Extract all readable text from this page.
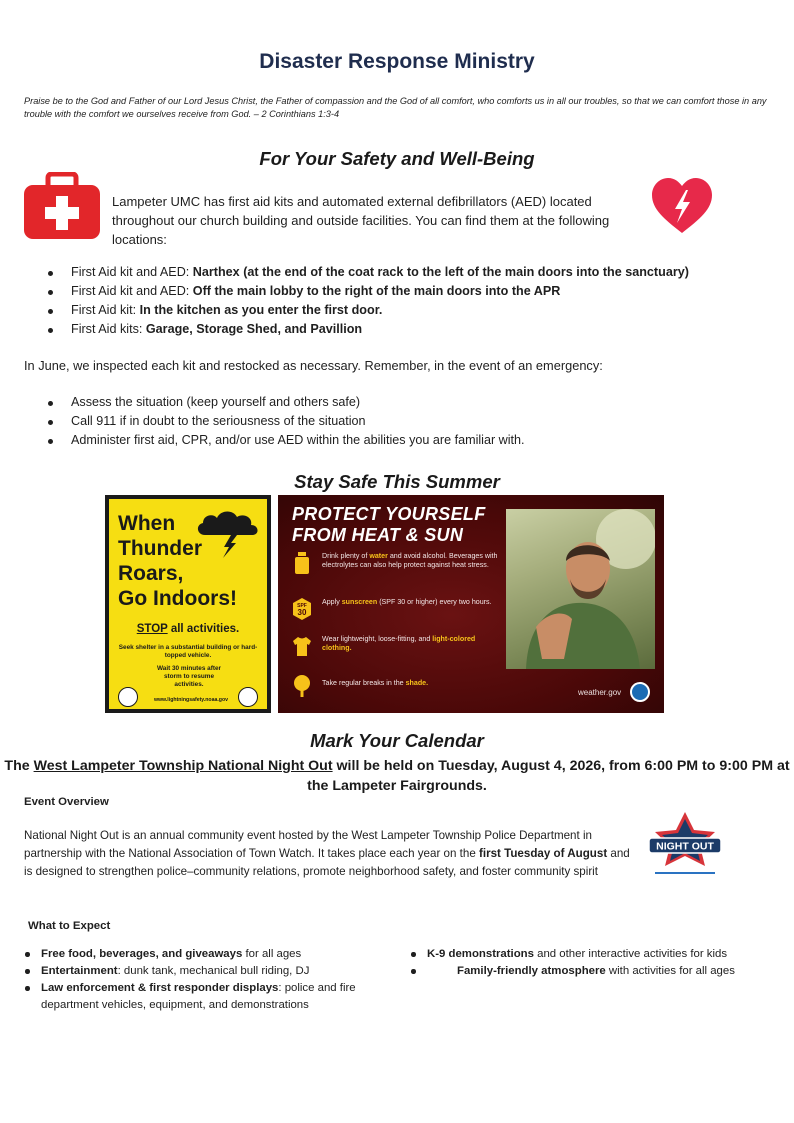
Disaster Response Ministry
Praise be to the God and Father of our Lord Jesus Christ, the Father of compassion and the God of all comfort, who comforts us in all our troubles, so that we can comfort those in any trouble with the comfort we ourselves receive from God. – 2 Corinthians 1:3-4
For Your Safety and Well-Being
Lampeter UMC has first aid kits and automated external defibrillators (AED) located throughout our church building and outside facilities. You can find them at the following locations:
First Aid kit and AED: Narthex (at the end of the coat rack to the left of the main doors into the sanctuary)
First Aid kit and AED: Off the main lobby to the right of the main doors into the APR
First Aid kit: In the kitchen as you enter the first door.
First Aid kits: Garage, Storage Shed, and Pavillion
In June, we inspected each kit and restocked as necessary. Remember, in the event of an emergency:
Assess the situation (keep yourself and others safe)
Call 911 if in doubt to the seriousness of the situation
Administer first aid, CPR, and/or use AED within the abilities you are familiar with.
Stay Safe This Summer
When
Thunder
Roars,
Go Indoors!
STOP all activities.
Seek shelter in a substantial building or hard-topped vehicle.
Wait 30 minutes after storm to resume activities.
www.lightningsafety.noaa.gov
PROTECT YOURSELF
FROM HEAT & SUN
Drink plenty of water and avoid alcohol. Beverages with electrolytes can also help protect against heat stress.
SPF
30
Apply sunscreen (SPF 30 or higher) every two hours.
Wear lightweight, loose-fitting, and light-colored clothing.
Take regular breaks in the shade.
weather.gov
Mark Your Calendar
The West Lampeter Township National Night Out will be held on Tuesday, August 4, 2026, from 6:00 PM to 9:00 PM at the Lampeter Fairgrounds.
Event Overview
National Night Out is an annual community event hosted by the West Lampeter Township Police Department in partnership with the National Association of Town Watch. It takes place each year on the first Tuesday of August and is designed to strengthen police–community relations, promote neighborhood safety, and foster community spirit
NIGHT OUT
What to Expect
Free food, beverages, and giveaways for all ages
Entertainment: dunk tank, mechanical bull riding, DJ
Law enforcement & first responder displays: police and fire department vehicles, equipment, and demonstrations
K-9 demonstrations and other interactive activities for kids
Family-friendly atmosphere with activities for all ages
